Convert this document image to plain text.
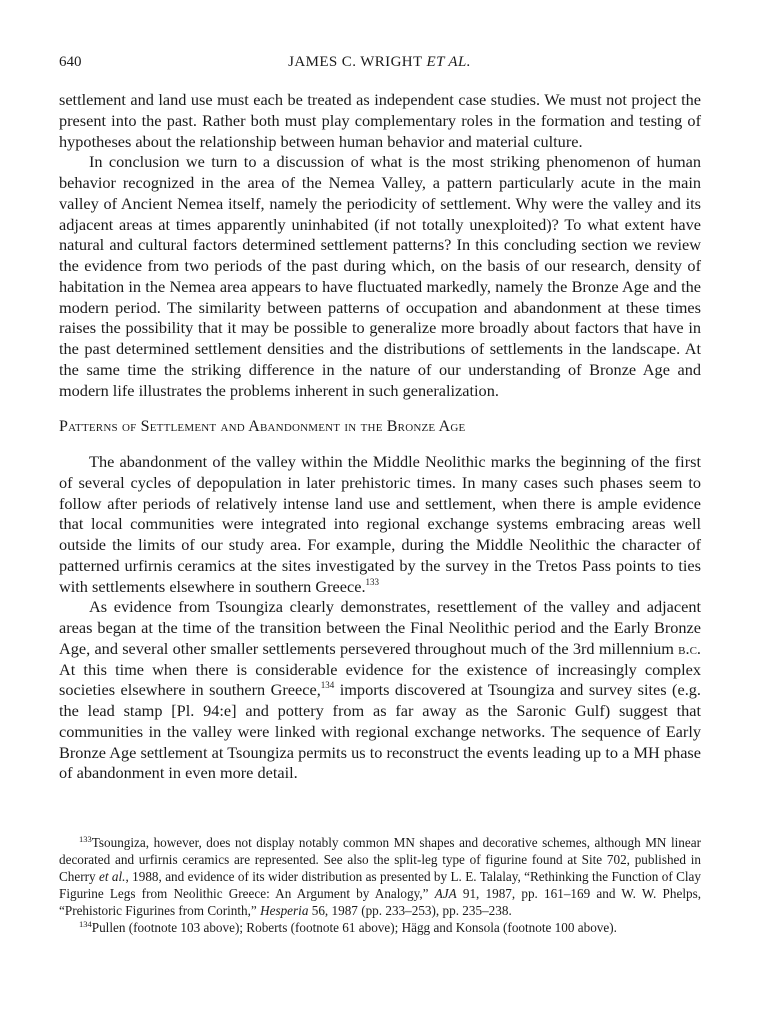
640	JAMES C. WRIGHT ET AL.

settlement and land use must each be treated as independent case studies. We must not project the present into the past. Rather both must play complementary roles in the formation and testing of hypotheses about the relationship between human behavior and material culture.

In conclusion we turn to a discussion of what is the most striking phenomenon of human behavior recognized in the area of the Nemea Valley, a pattern particularly acute in the main valley of Ancient Nemea itself, namely the periodicity of settlement. Why were the valley and its adjacent areas at times apparently uninhabited (if not totally unexploited)? To what extent have natural and cultural factors determined settlement patterns? In this concluding section we review the evidence from two periods of the past during which, on the basis of our research, density of habitation in the Nemea area appears to have fluctuated markedly, namely the Bronze Age and the modern period. The similarity between patterns of occupation and abandonment at these times raises the possibility that it may be possible to generalize more broadly about factors that have in the past determined settlement densities and the distributions of settlements in the landscape. At the same time the striking difference in the nature of our understanding of Bronze Age and modern life illustrates the problems inherent in such generalization.

Patterns of Settlement and Abandonment in the Bronze Age

The abandonment of the valley within the Middle Neolithic marks the beginning of the first of several cycles of depopulation in later prehistoric times. In many cases such phases seem to follow after periods of relatively intense land use and settlement, when there is ample evidence that local communities were integrated into regional exchange systems embracing areas well outside the limits of our study area. For example, during the Middle Neolithic the character of patterned urfirnis ceramics at the sites investigated by the survey in the Tretos Pass points to ties with settlements elsewhere in southern Greece.$^{133}$

As evidence from Tsoungiza clearly demonstrates, resettlement of the valley and adjacent areas began at the time of the transition between the Final Neolithic period and the Early Bronze Age, and several other smaller settlements persevered throughout much of the 3rd millennium b.c. At this time when there is considerable evidence for the existence of increasingly complex societies elsewhere in southern Greece,$^{134}$ imports discovered at Tsoungiza and survey sites (e.g. the lead stamp [Pl. 94:e] and pottery from as far away as the Saronic Gulf) suggest that communities in the valley were linked with regional exchange networks. The sequence of Early Bronze Age settlement at Tsoungiza permits us to reconstruct the events leading up to a MH phase of abandonment in even more detail.

$^{133}$Tsoungiza, however, does not display notably common MN shapes and decorative schemes, although MN linear decorated and urfirnis ceramics are represented. See also the split-leg type of figurine found at Site 702, published in Cherry et al., 1988, and evidence of its wider distribution as presented by L. E. Talalay, “Rethinking the Function of Clay Figurine Legs from Neolithic Greece: An Argument by Analogy,” AJA 91, 1987, pp. 161–169 and W. W. Phelps, “Prehistoric Figurines from Corinth,” Hesperia 56, 1987 (pp. 233–253), pp. 235–238.

$^{134}$Pullen (footnote 103 above); Roberts (footnote 61 above); Hägg and Konsola (footnote 100 above).
